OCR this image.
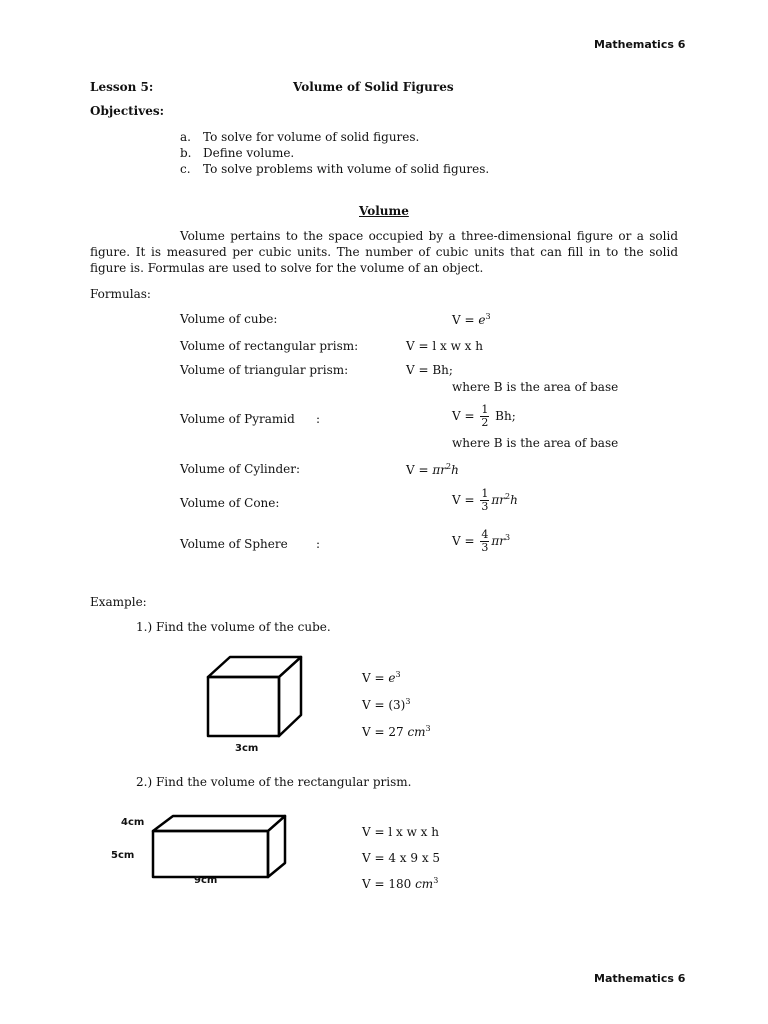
Mathematics 6
Mathematics 6
Lesson 5:	Volume of Solid Figures
Objectives:
a. To solve for volume of solid figures.
b. Define volume.
c. To solve problems with volume of solid figures.
Volume
Volume pertains to the space occupied by a three-dimensional figure or a solid figure. It is measured per cubic units. The number of cubic units that can fill in to the solid figure is. Formulas are used to solve for the volume of an object.
Formulas:
Volume of cube:	$V = e^3$
Volume of rectangular prism:	V = l x w x h
Volume of triangular prism:	V = Bh;
where B is the area of base
Volume of Pyramid :	$V = \frac{1}{2} Bh$;
where B is the area of base
Volume of Cylinder:	$V = \pi r^2h$
Volume of Cone:	$V = \frac{1}{3} \pi r^2h$
Volume of Sphere :	$V = \frac{4}{3} \pi r^3$
Example:
1.) Find the volume of the cube.
3cm
$V = e^3$
$V = (3)^3$
V = 27 $cm^3$
2.) Find the volume of the rectangular prism.
4cm
5cm
9cm
V = l x w x h
V = 4 x 9 x 5
V = 180 $cm^3$
